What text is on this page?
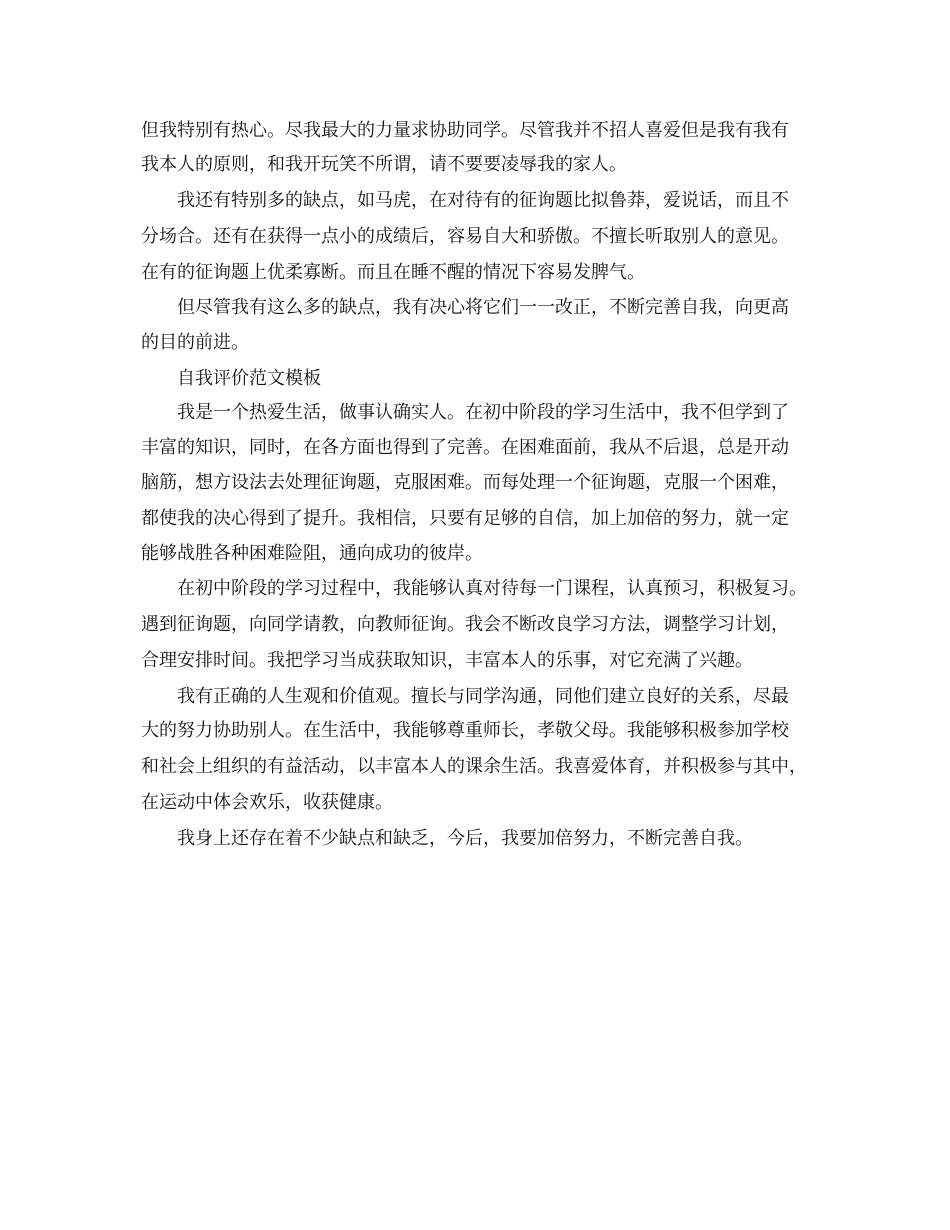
但我特别有热心。尽我最大的力量求协助同学。尽管我并不招人喜爱但是我有我有
我本人的原则，和我开玩笑不所谓，请不要要凌辱我的家人。
我还有特别多的缺点，如马虎，在对待有的征询题比拟鲁莽，爱说话，而且不
分场合。还有在获得一点小的成绩后，容易自大和骄傲。不擅长听取别人的意见。
在有的征询题上优柔寡断。而且在睡不醒的情况下容易发脾气。
但尽管我有这么多的缺点，我有决心将它们一一改正，不断完善自我，向更高
的目的前进。
自我评价范文模板
我是一个热爱生活，做事认确实人。在初中阶段的学习生活中，我不但学到了
丰富的知识，同时，在各方面也得到了完善。在困难面前，我从不后退，总是开动
脑筋，想方设法去处理征询题，克服困难。而每处理一个征询题，克服一个困难，
都使我的决心得到了提升。我相信，只要有足够的自信，加上加倍的努力，就一定
能够战胜各种困难险阻，通向成功的彼岸。
在初中阶段的学习过程中，我能够认真对待每一门课程，认真预习，积极复习。
遇到征询题，向同学请教，向教师征询。我会不断改良学习方法，调整学习计划，
合理安排时间。我把学习当成获取知识，丰富本人的乐事，对它充满了兴趣。
我有正确的人生观和价值观。擅长与同学沟通，同他们建立良好的关系，尽最
大的努力协助别人。在生活中，我能够尊重师长，孝敬父母。我能够积极参加学校
和社会上组织的有益活动，以丰富本人的课余生活。我喜爱体育，并积极参与其中，
在运动中体会欢乐，收获健康。
我身上还存在着不少缺点和缺乏，今后，我要加倍努力，不断完善自我。
